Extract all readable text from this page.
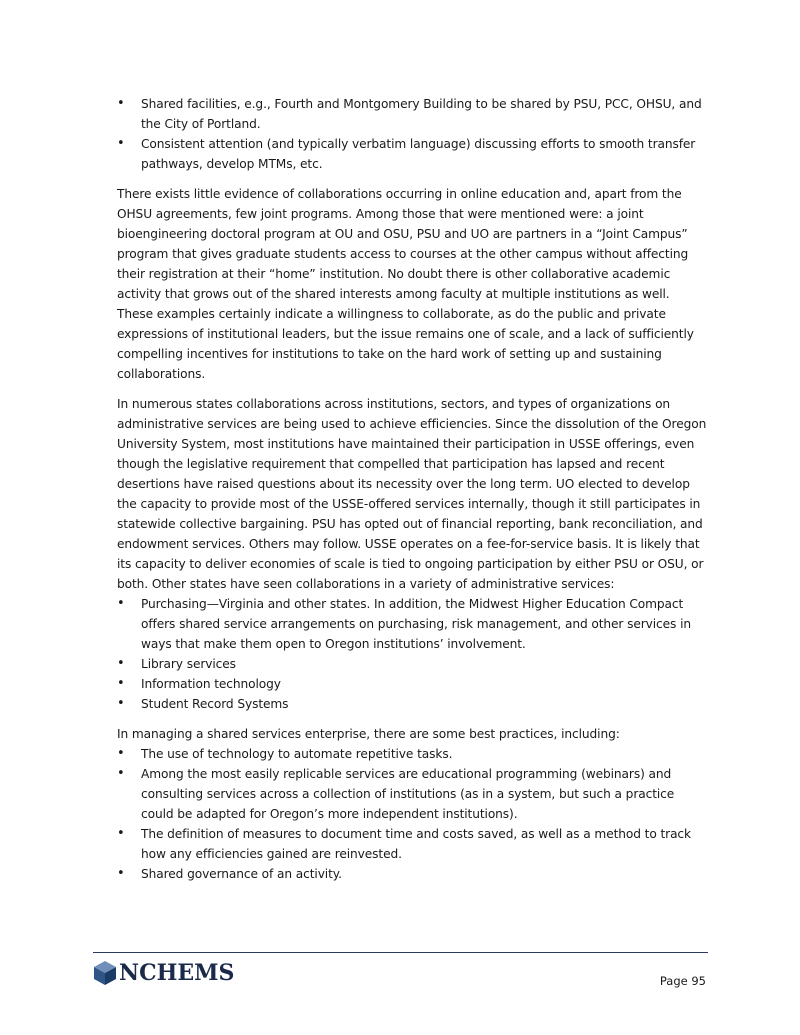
• Shared facilities, e.g., Fourth and Montgomery Building to be shared by PSU, PCC, OHSU, and the City of Portland.
• Consistent attention (and typically verbatim language) discussing efforts to smooth transfer pathways, develop MTMs, etc.

There exists little evidence of collaborations occurring in online education and, apart from the OHSU agreements, few joint programs. Among those that were mentioned were: a joint bioengineering doctoral program at OU and OSU, PSU and UO are partners in a “Joint Campus” program that gives graduate students access to courses at the other campus without affecting their registration at their “home” institution. No doubt there is other collaborative academic activity that grows out of the shared interests among faculty at multiple institutions as well. These examples certainly indicate a willingness to collaborate, as do the public and private expressions of institutional leaders, but the issue remains one of scale, and a lack of sufficiently compelling incentives for institutions to take on the hard work of setting up and sustaining collaborations.

In numerous states collaborations across institutions, sectors, and types of organizations on administrative services are being used to achieve efficiencies. Since the dissolution of the Oregon University System, most institutions have maintained their participation in USSE offerings, even though the legislative requirement that compelled that participation has lapsed and recent desertions have raised questions about its necessity over the long term. UO elected to develop the capacity to provide most of the USSE-offered services internally, though it still participates in statewide collective bargaining. PSU has opted out of financial reporting, bank reconciliation, and endowment services. Others may follow. USSE operates on a fee-for-service basis. It is likely that its capacity to deliver economies of scale is tied to ongoing participation by either PSU or OSU, or both. Other states have seen collaborations in a variety of administrative services:

• Purchasing—Virginia and other states. In addition, the Midwest Higher Education Compact offers shared service arrangements on purchasing, risk management, and other services in ways that make them open to Oregon institutions’ involvement.
• Library services
• Information technology
• Student Record Systems

In managing a shared services enterprise, there are some best practices, including:

• The use of technology to automate repetitive tasks.
• Among the most easily replicable services are educational programming (webinars) and consulting services across a collection of institutions (as in a system, but such a practice could be adapted for Oregon’s more independent institutions).
• The definition of measures to document time and costs saved, as well as a method to track how any efficiencies gained are reinvested.
• Shared governance of an activity.
NCHEMS	Page 95
